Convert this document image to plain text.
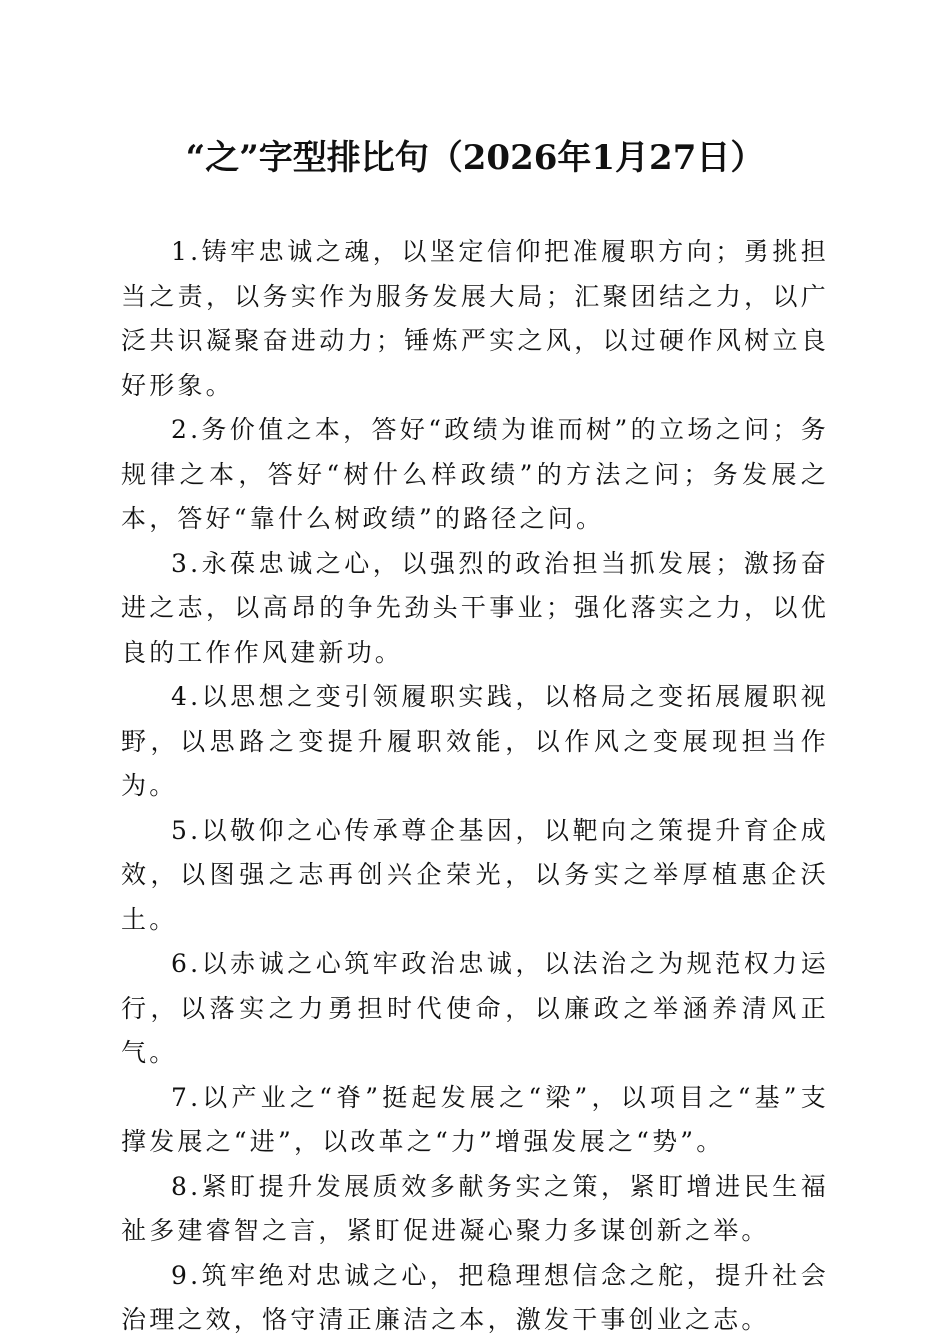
“之”字型排比句（2026年1月27日）

1.铸牢忠诚之魂，以坚定信仰把准履职方向；勇挑担当之责，以务实作为服务发展大局；汇聚团结之力，以广泛共识凝聚奋进动力；锤炼严实之风，以过硬作风树立良好形象。

2.务价值之本，答好“政绩为谁而树”的立场之问；务规律之本，答好“树什么样政绩”的方法之问；务发展之本，答好“靠什么树政绩”的路径之问。

3.永葆忠诚之心，以强烈的政治担当抓发展；激扬奋进之志，以高昂的争先劲头干事业；强化落实之力，以优良的工作作风建新功。

4.以思想之变引领履职实践，以格局之变拓展履职视野，以思路之变提升履职效能，以作风之变展现担当作为。

5.以敬仰之心传承尊企基因，以靶向之策提升育企成效，以图强之志再创兴企荣光，以务实之举厚植惠企沃土。

6.以赤诚之心筑牢政治忠诚，以法治之为规范权力运行，以落实之力勇担时代使命，以廉政之举涵养清风正气。

7.以产业之“脊”挺起发展之“梁”，以项目之“基”支撑发展之“进”，以改革之“力”增强发展之“势”。

8.紧盯提升发展质效多献务实之策，紧盯增进民生福祉多建睿智之言，紧盯促进凝心聚力多谋创新之举。

9.筑牢绝对忠诚之心，把稳理想信念之舵，提升社会治理之效，恪守清正廉洁之本，激发干事创业之志。
